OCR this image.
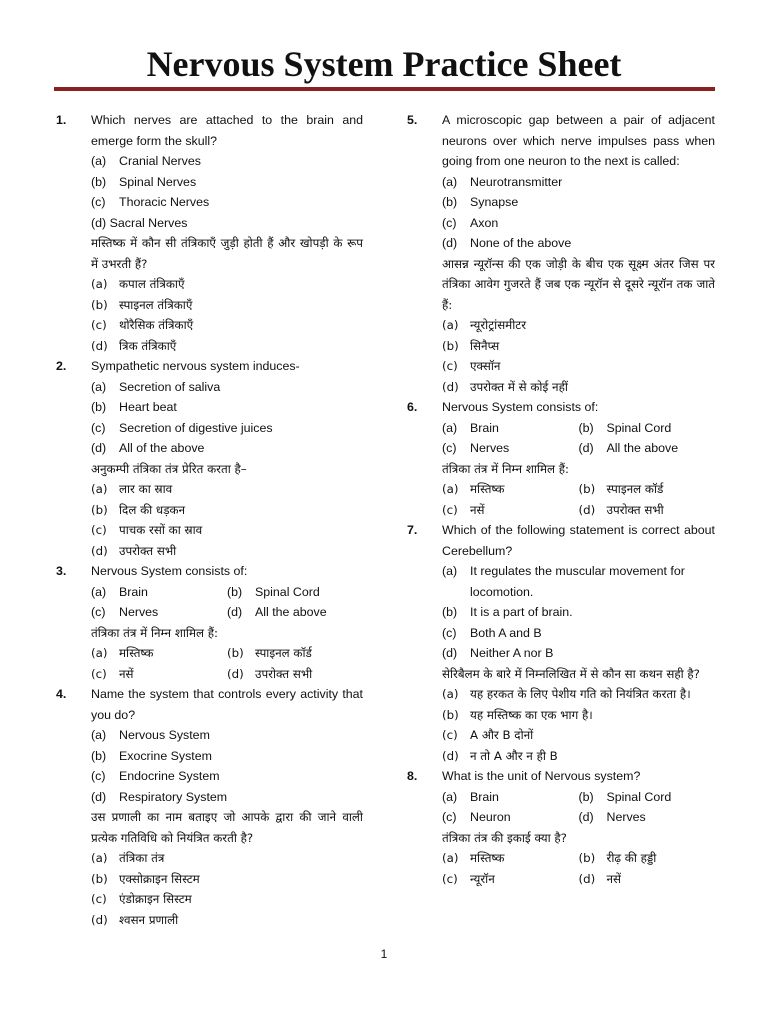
Nervous System Practice Sheet
1. Which nerves are attached to the brain and emerge form the skull?
(a) Cranial Nerves
(b) Spinal Nerves
(c) Thoracic Nerves
(d) Sacral Nerves
मस्तिष्क में कौन सी तंत्रिकाएँ जुड़ी होती हैं और खोपड़ी के रूप में उभरती हैं?
(a) कपाल तंत्रिकाएँ
(b) स्पाइनल तंत्रिकाएँ
(c) थोरैसिक तंत्रिकाएँ
(d) त्रिक तंत्रिकाएँ
2. Sympathetic nervous system induces-
(a) Secretion of saliva
(b) Heart beat
(c) Secretion of digestive juices
(d) All of the above
अनुकम्पी तंत्रिका तंत्र प्रेरित करता है–
(a) लार का स्राव
(b) दिल की धड़कन
(c) पाचक रसों का स्राव
(d) उपरोक्त सभी
3. Nervous System consists of:
(a) Brain	(b) Spinal Cord
(c) Nerves	(d) All the above
तंत्रिका तंत्र में निम्न शामिल हैं:
(a) मस्तिष्क	(b) स्पाइनल कॉर्ड
(c) नसें	(d) उपरोक्त सभी
4. Name the system that controls every activity that you do?
(a) Nervous System
(b) Exocrine System
(c) Endocrine System
(d) Respiratory System
उस प्रणाली का नाम बताइए जो आपके द्वारा की जाने वाली प्रत्येक गतिविधि को नियंत्रित करती है?
(a) तंत्रिका तंत्र
(b) एक्सोक्राइन सिस्टम
(c) एंडोक्राइन सिस्टम
(d) श्वसन प्रणाली
5. A microscopic gap between a pair of adjacent neurons over which nerve impulses pass when going from one neuron to the next is called:
(a) Neurotransmitter
(b) Synapse
(c) Axon
(d) None of the above
आसन्न न्यूरॉन्स की एक जोड़ी के बीच एक सूक्ष्म अंतर जिस पर तंत्रिका आवेग गुजरते हैं जब एक न्यूरॉन से दूसरे न्यूरॉन तक जाते हैं:
(a) न्यूरोट्रांसमीटर
(b) सिनैप्स
(c) एक्सॉन
(d) उपरोक्त में से कोई नहीं
6. Nervous System consists of:
(a) Brain	(b) Spinal Cord
(c) Nerves	(d) All the above
तंत्रिका तंत्र में निम्न शामिल हैं:
(a) मस्तिष्क	(b) स्पाइनल कॉर्ड
(c) नसें	(d) उपरोक्त सभी
7. Which of the following statement is correct about Cerebellum?
(a) It regulates the muscular movement for locomotion.
(b) It is a part of brain.
(c) Both A and B
(d) Neither A nor B
सेरिबैलम के बारे में निम्नलिखित में से कौन सा कथन सही है?
(a) यह हरकत के लिए पेशीय गति को नियंत्रित करता है।
(b) यह मस्तिष्क का एक भाग है।
(c) A और B दोनों
(d) न तो A और न ही B
8. What is the unit of Nervous system?
(a) Brain	(b) Spinal Cord
(c) Neuron	(d) Nerves
तंत्रिका तंत्र की इकाई क्या है?
(a) मस्तिष्क	(b) रीढ़ की हड्डी
(c) न्यूरॉन	(d) नसें
1
